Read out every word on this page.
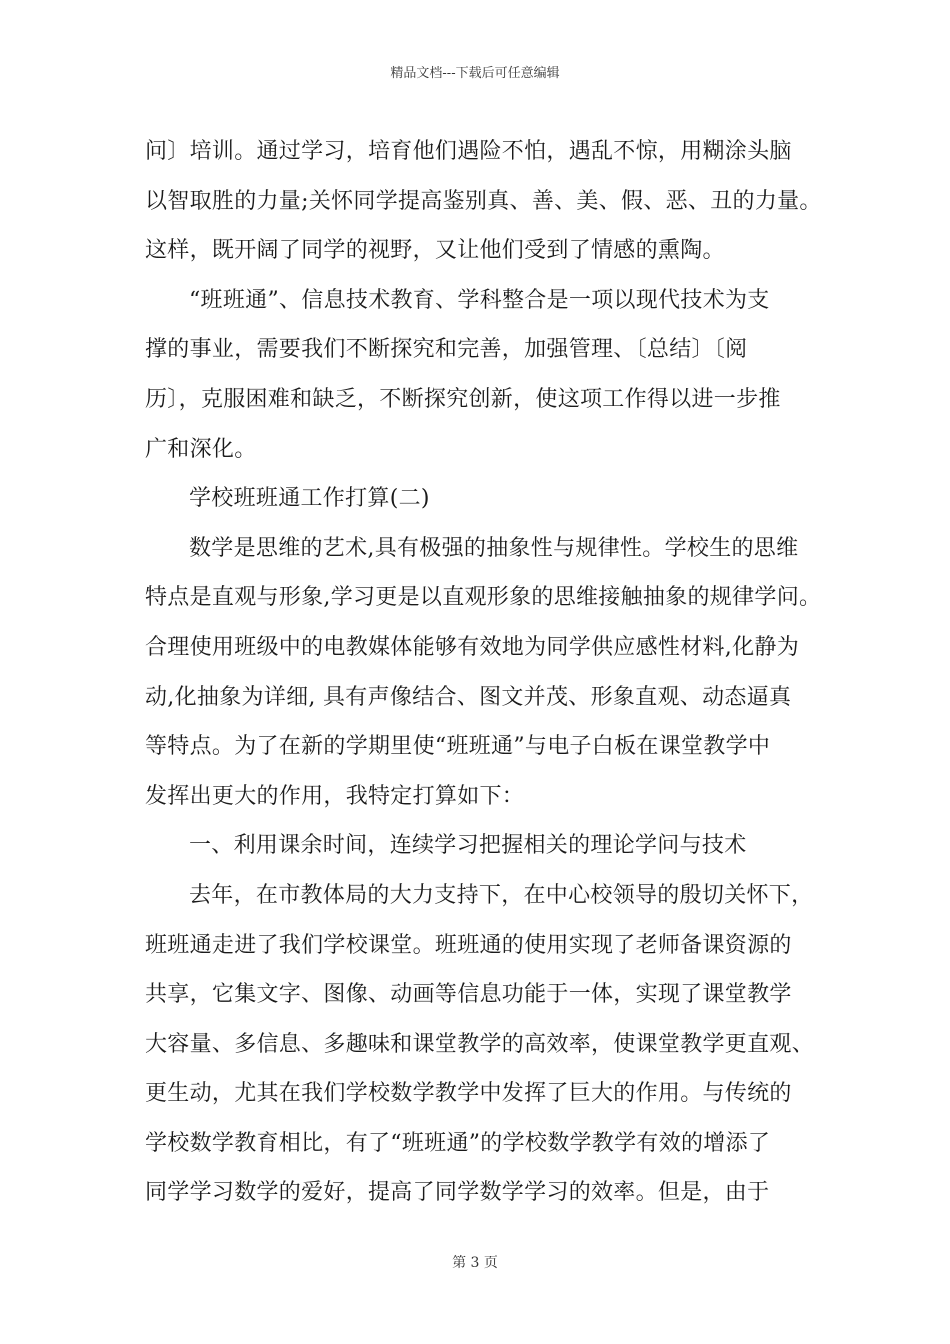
精品文档---下载后可任意编辑
问〕培训。通过学习，培育他们遇险不怕，遇乱不惊，用糊涂头脑
以智取胜的力量;关怀同学提高鉴别真、善、美、假、恶、丑的力量。
这样，既开阔了同学的视野，又让他们受到了情感的熏陶。
“班班通”、信息技术教育、学科整合是一项以现代技术为支
撑的事业，需要我们不断探究和完善，加强管理、〔总结〕〔阅
历〕，克服困难和缺乏，不断探究创新，使这项工作得以进一步推
广和深化。
学校班班通工作打算(二)
数学是思维的艺术,具有极强的抽象性与规律性。学校生的思维
特点是直观与形象,学习更是以直观形象的思维接触抽象的规律学问。
合理使用班级中的电教媒体能够有效地为同学供应感性材料,化静为
动,化抽象为详细, 具有声像结合、图文并茂、形象直观、动态逼真
等特点。为了在新的学期里使“班班通”与电子白板在课堂教学中
发挥出更大的作用，我特定打算如下：
一、利用课余时间，连续学习把握相关的理论学问与技术
去年，在市教体局的大力支持下，在中心校领导的殷切关怀下，
班班通走进了我们学校课堂。班班通的使用实现了老师备课资源的
共享，它集文字、图像、动画等信息功能于一体，实现了课堂教学
大容量、多信息、多趣味和课堂教学的高效率，使课堂教学更直观、
更生动，尤其在我们学校数学教学中发挥了巨大的作用。与传统的
学校数学教育相比，有了“班班通”的学校数学教学有效的增添了
同学学习数学的爱好，提高了同学数学学习的效率。但是，由于
第 3 页
